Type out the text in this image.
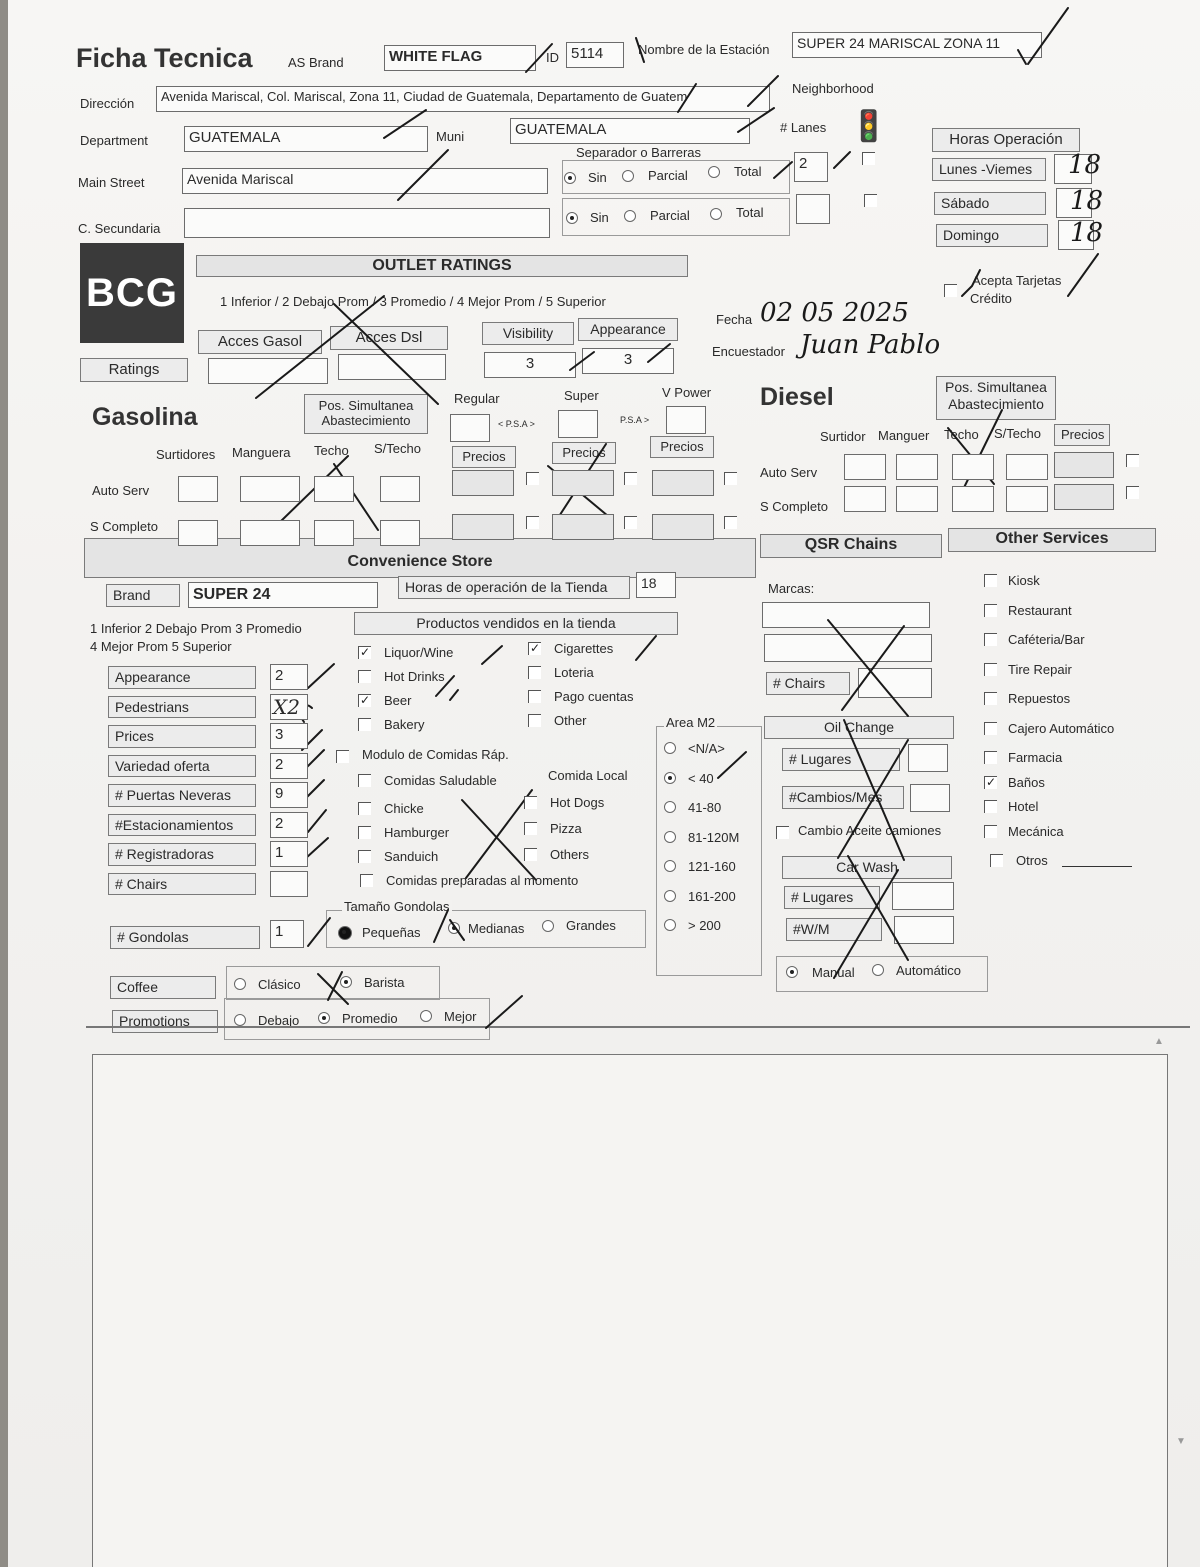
Ficha Tecnica	AS Brand	WHITE FLAG	ID 5114	Nombre de la Estación	SUPER 24 MARISCAL ZONA 11
Dirección	Avenida Mariscal, Col. Mariscal, Zona 11, Ciudad de Guatemala, Departamento de Guatem
Neighborhood
Department	GUATEMALA	Muni	GUATEMALA	# Lanes 🚦
Main Street	Avenida Mariscal
C. Secundaria
Separador o Barreras
Sin	Parcial	Total	2
Sin	Parcial	Total
Horas Operación
Lunes -Viemes	18
Sábado	18
Domingo	18
BCG
OUTLET RATINGS
1 Inferior / 2 Debajo Prom / 3 Promedio / 4 Mejor Prom / 5 Superior
Acces Gasol	Acces Dsl	Visibility	Appearance
3	3
Ratings
Acepta Tarjetas
Crédito
Fecha 02 05 2025
Encuestador Juan Pablo
Gasolina	Pos. Simultanea
Abastecimiento
Regular	Super	V Power
< P.S.A >	P.S.A >
Surtidores Manguera Techo S/Techo
Precios	Precios	Precios
Auto Serv
S Completo
Diesel	Pos. Simultanea
Abastecimiento
Surtidor Manguer Techo S/Techo	Precios
Auto Serv
S Completo
Convenience Store
QSR Chains	Other Services
Brand	SUPER 24	Horas de operación de la Tienda	18
1 Inferior 2 Debajo Prom 3 Promedio
4 Mejor Prom 5 Superior
# Gondolas	1
Productos vendidos en la tienda
Modulo de Comidas Ráp.
Comida Local
Tamaño Gondolas
Pequeñas	Medianas	Grandes
Coffee	Clásico	Barista
Promotions	Debajo	Promedio	Mejor
Area M2
Marcas:
# Chairs
Oil Change
# Lugares
#Cambios/Mes
Cambio Aceite camiones
Car Wash
# Lugares
#W/M
Manual	Automático
Otros
▲
▼
Appearance	2
Pedestrians	X2
Prices	3
Variedad oferta	2
# Puertas Neveras	9
#Estacionamientos	2
# Registradoras	1
# Chairs
✓ Liquor/Wine	✓ Cigarettes
Hot Drinks	Loteria
✓ Beer	Pago cuentas
Bakery	Other
Comidas Saludable
Chicke	Hot Dogs
Hamburger	Pizza
Sanduich	Others
Comidas preparadas al momento
<N/A>
< 40
41-80
81-120M
121-160
161-200
> 200
Kiosk
Restaurant
Caféteria/Bar
Tire Repair
Repuestos
Cajero Automático
Farmacia
✓ Baños
Hotel
Mecánica
